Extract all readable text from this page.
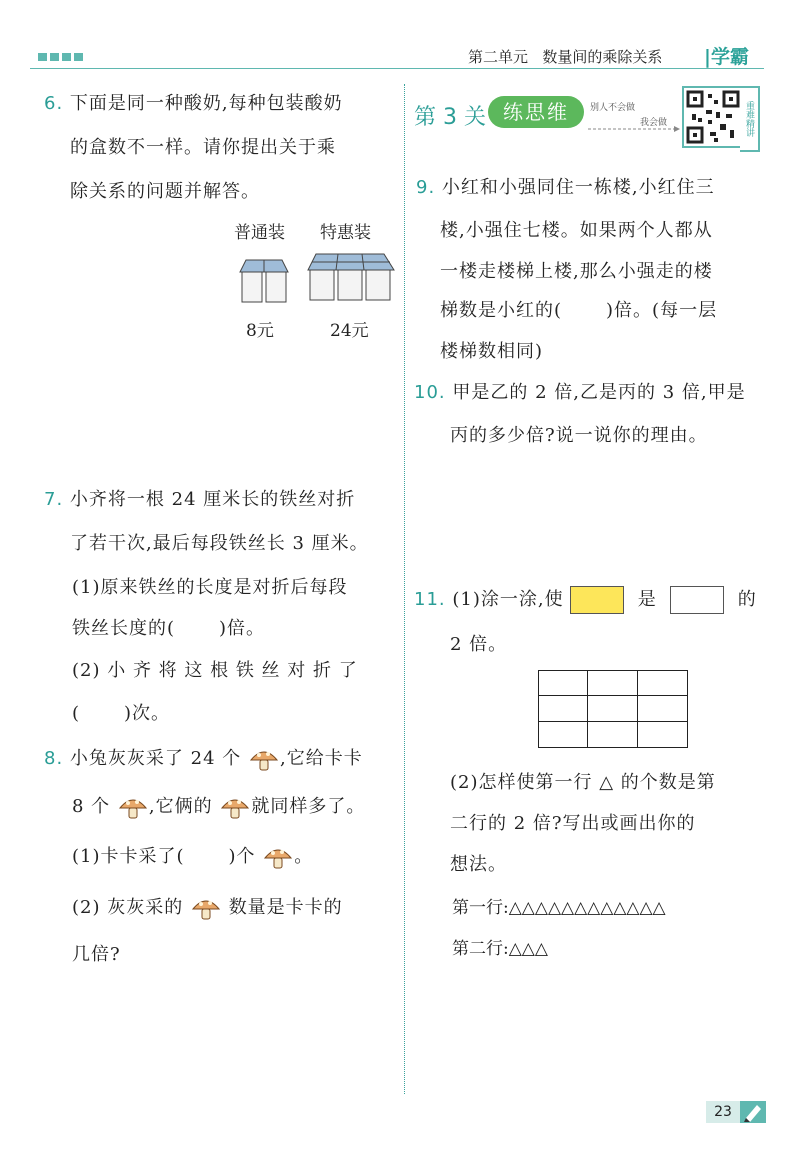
第二单元 数量间的乘除关系 |学霸
6. 下面是同一种酸奶,每种包装酸奶
的盒数不一样。请你提出关于乘
除关系的问题并解答。
普通装 特惠装
8元	24元
7. 小齐将一根 24 厘米长的铁丝对折
了若干次,最后每段铁丝长 3 厘米。
(1)原来铁丝的长度是对折后每段
铁丝长度的( )倍。
(2) 小 齐 将 这 根 铁 丝 对 折 了
( )次。
8. 小兔灰灰采了 24 个 ,它给卡卡
8 个 ,它俩的 就同样多了。
(1)卡卡采了( )个 。
(2) 灰灰采的	数量是卡卡的
几倍?
第 3 关 练思维	别人不会做
我会做	重难精讲
9. 小红和小强同住一栋楼,小红住三
楼,小强住七楼。如果两个人都从
一楼走楼梯上楼,那么小强走的楼
梯数是小红的( )倍。(每一层
楼梯数相同)
10. 甲是乙的 2 倍,乙是丙的 3 倍,甲是
丙的多少倍?说一说你的理由。
11. (1)涂一涂,使	是	的
2 倍。
(2)怎样使第一行 △ 的个数是第
二行的 2 倍?写出或画出你的
想法。
第一行:△△△△△△△△△△△△
第二行:△△△
23
